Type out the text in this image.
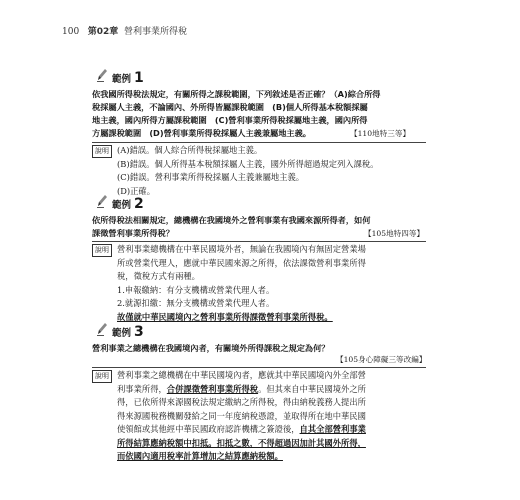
100 第02章 營利事業所得稅
範例 1
依我國所得稅法規定，有關所得之課稅範圍，下列敘述是否正確？（A)綜合所得
稅採屬人主義，不論國內、外所得皆屬課稅範圍　(B)個人所得基本稅額採屬
地主義，國內所得方屬課稅範圍　(C)營利事業所得稅採屬地主義，國內所得
方屬課稅範圍　(D)營利事業所得稅採屬人主義兼屬地主義。	【110地特三等】
說明 (A)錯誤。個人綜合所得稅採屬地主義。
(B)錯誤。個人所得基本稅額採屬人主義，國外所得超過規定列入課稅。
(C)錯誤。營利事業所得稅採屬人主義兼屬地主義。
(D)正確。
範例 2
依所得稅法相關規定，總機構在我國境外之營利事業有我國來源所得者，如何
課徵營利事業所得稅？	【105地特四等】
說明 營利事業總機構在中華民國境外者，無論在我國境內有無固定營業場
所或營業代理人，應就中華民國來源之所得，依法課徵營利事業所得
稅，徵稅方式有兩種。
1.申報繳納：有分支機構或營業代理人者。
2.就源扣繳：無分支機構或營業代理人者。
故僅就中華民國境內之營利事業所得課徵營利事業所得稅。
範例 3
營利事業之總機構在我國境內者，有關境外所得課稅之規定為何？
【105身心障礙三等改編】
說明 營利事業之總機構在中華民國境內者，應就其中華民國境內外全部營
利事業所得，合併課徵營利事業所得稅。但其來自中華民國境外之所
得，已依所得來源國稅法規定繳納之所得稅，得由納稅義務人提出所
得來源國稅務機關發給之同一年度納稅憑證，並取得所在地中華民國
使領館或其他經中華民國政府認許機構之簽證後，自其全部營利事業
所得結算應納稅額中扣抵。扣抵之數，不得超過因加計其國外所得，
而依國內適用稅率計算增加之結算應納稅額。
